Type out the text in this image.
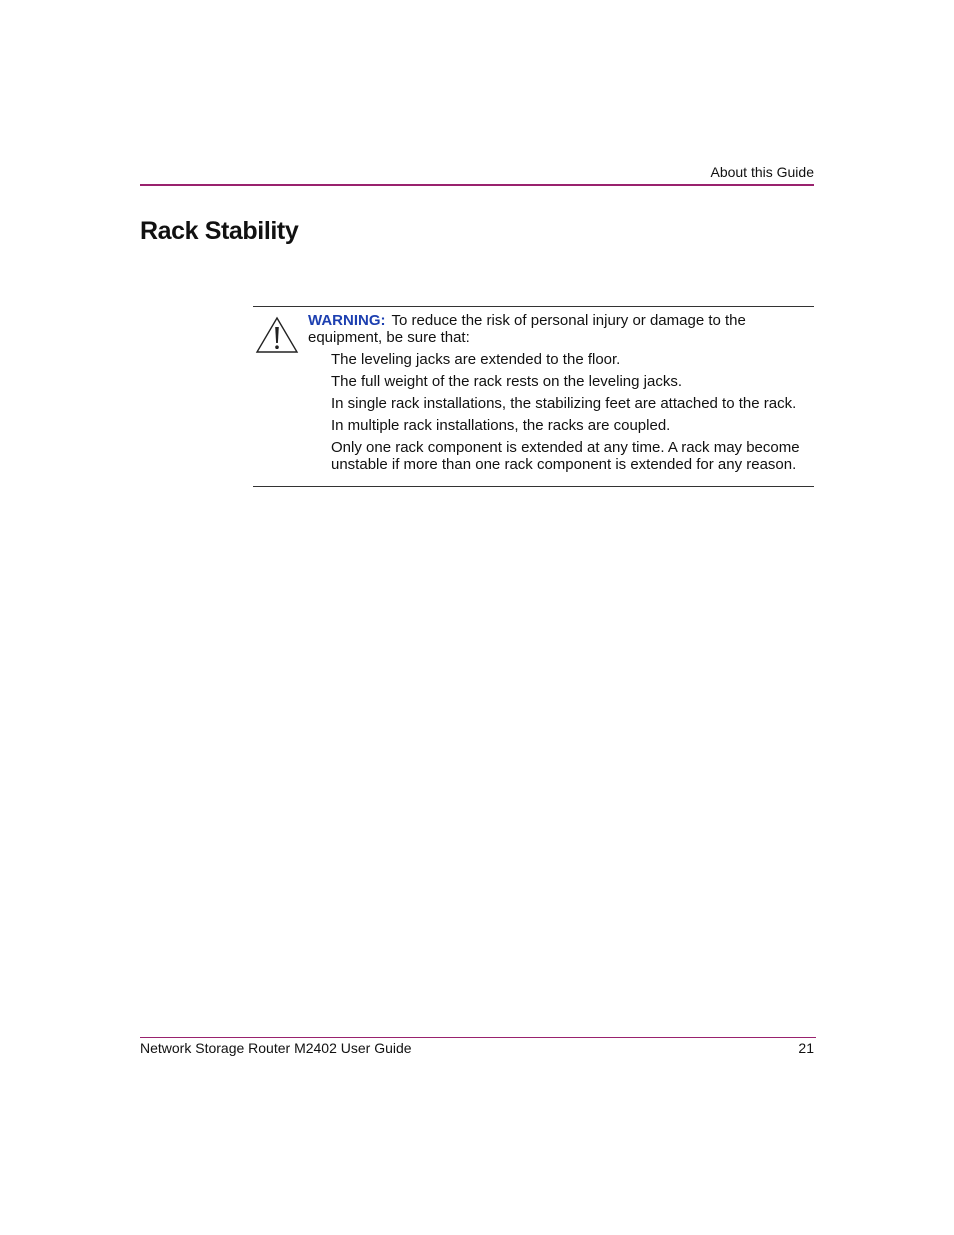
About this Guide
Rack Stability

WARNING: To reduce the risk of personal injury or damage to the equipment, be sure that:

The leveling jacks are extended to the floor.
The full weight of the rack rests on the leveling jacks.
In single rack installations, the stabilizing feet are attached to the rack.
In multiple rack installations, the racks are coupled.
Only one rack component is extended at any time. A rack may become unstable if more than one rack component is extended for any reason.
Network Storage Router M2402 User Guide	21
